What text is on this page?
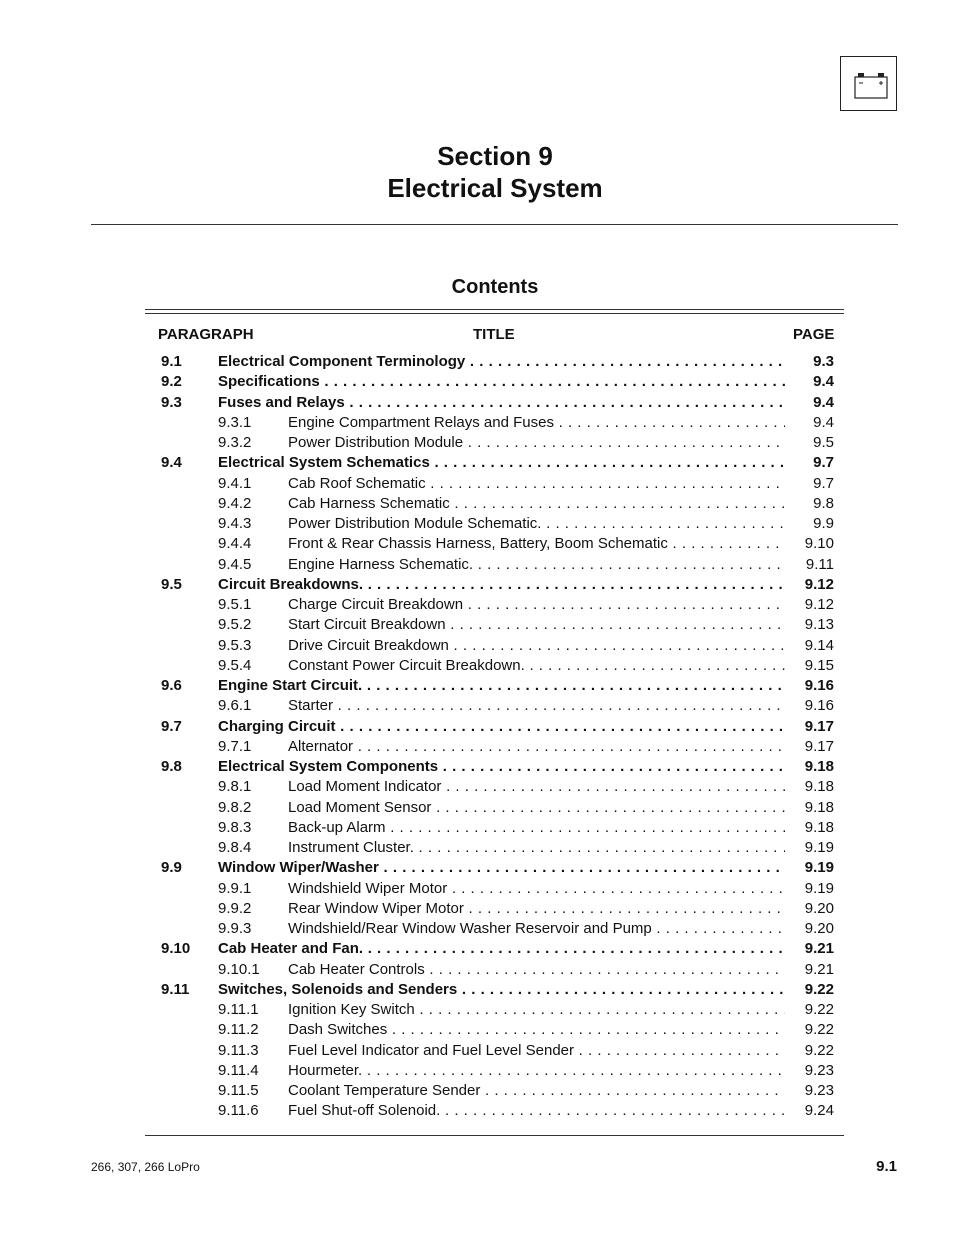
Section 9
Electrical System
Contents
PARAGRAPH	TITLE	PAGE
9.1 Electrical Component Terminology . . .	9.3
9.2 Specifications . . .	9.4
9.3 Fuses and Relays . . .	9.4
9.3.1 Engine Compartment Relays and Fuses . . .	9.4
9.3.2 Power Distribution Module . . .	9.5
9.4 Electrical System Schematics . . .	9.7
9.4.1 Cab Roof Schematic . . .	9.7
9.4.2 Cab Harness Schematic . . .	9.8
9.4.3 Power Distribution Module Schematic. . . .	9.9
9.4.4 Front & Rear Chassis Harness, Battery, Boom Schematic . . .	9.10
9.4.5 Engine Harness Schematic. . . .	9.11
9.5 Circuit Breakdowns. . . .	9.12
9.5.1 Charge Circuit Breakdown . . .	9.12
9.5.2 Start Circuit Breakdown . . .	9.13
9.5.3 Drive Circuit Breakdown . . .	9.14
9.5.4 Constant Power Circuit Breakdown. . . .	9.15
9.6 Engine Start Circuit. . . .	9.16
9.6.1 Starter . . .	9.16
9.7 Charging Circuit . . .	9.17
9.7.1 Alternator . . .	9.17
9.8 Electrical System Components . . .	9.18
9.8.1 Load Moment Indicator . . .	9.18
9.8.2 Load Moment Sensor . . .	9.18
9.8.3 Back-up Alarm . . .	9.18
9.8.4 Instrument Cluster. . . .	9.19
9.9 Window Wiper/Washer . . .	9.19
9.9.1 Windshield Wiper Motor . . .	9.19
9.9.2 Rear Window Wiper Motor . . .	9.20
9.9.3 Windshield/Rear Window Washer Reservoir and Pump . . .	9.20
9.10 Cab Heater and Fan. . . .	9.21
9.10.1 Cab Heater Controls . . .	9.21
9.11 Switches, Solenoids and Senders . . .	9.22
9.11.1 Ignition Key Switch . . .	9.22
9.11.2 Dash Switches . . .	9.22
9.11.3 Fuel Level Indicator and Fuel Level Sender . . .	9.22
9.11.4 Hourmeter. . . .	9.23
9.11.5 Coolant Temperature Sender . . .	9.23
9.11.6 Fuel Shut-off Solenoid. . . .	9.24
266, 307, 266 LoPro	9.1
